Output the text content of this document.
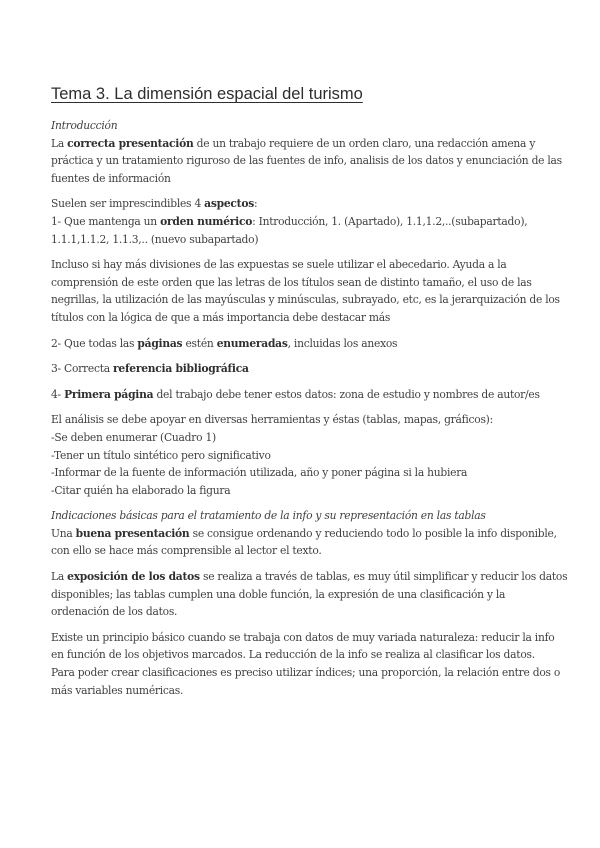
Tema 3. La dimensión espacial del turismo

Introducción
La correcta presentación de un trabajo requiere de un orden claro, una redacción amena y
práctica y un tratamiento riguroso de las fuentes de info, analisis de los datos y enunciación de las
fuentes de información

Suelen ser imprescindibles 4 aspectos:
1- Que mantenga un orden numérico: Introducción, 1. (Apartado), 1.1,1.2,..(subapartado),
1.1.1,1.1.2, 1.1.3,.. (nuevo subapartado)

Incluso si hay más divisiones de las expuestas se suele utilizar el abecedario. Ayuda a la
comprensión de este orden que las letras de los títulos sean de distinto tamaño, el uso de las
negrillas, la utilización de las mayúsculas y minúsculas, subrayado, etc, es la jerarquización de los
títulos con la lógica de que a más importancia debe destacar más

2- Que todas las páginas estén enumeradas, incluidas los anexos

3- Correcta referencia bibliográfica

4- Primera página del trabajo debe tener estos datos: zona de estudio y nombres de autor/es

El análisis se debe apoyar en diversas herramientas y éstas (tablas, mapas, gráficos):
-Se deben enumerar (Cuadro 1)
-Tener un título sintético pero significativo
-Informar de la fuente de información utilizada, año y poner página si la hubiera
-Citar quién ha elaborado la figura

Indicaciones básicas para el tratamiento de la info y su representación en las tablas
Una buena presentación se consigue ordenando y reduciendo todo lo posible la info disponible,
con ello se hace más comprensible al lector el texto.

La exposición de los datos se realiza a través de tablas, es muy útil simplificar y reducir los datos
disponibles; las tablas cumplen una doble función, la expresión de una clasificación y la
ordenación de los datos.

Existe un principio básico cuando se trabaja con datos de muy variada naturaleza: reducir la info
en función de los objetivos marcados. La reducción de la info se realiza al clasificar los datos.
Para poder crear clasificaciones es preciso utilizar índices; una proporción, la relación entre dos o
más variables numéricas.
